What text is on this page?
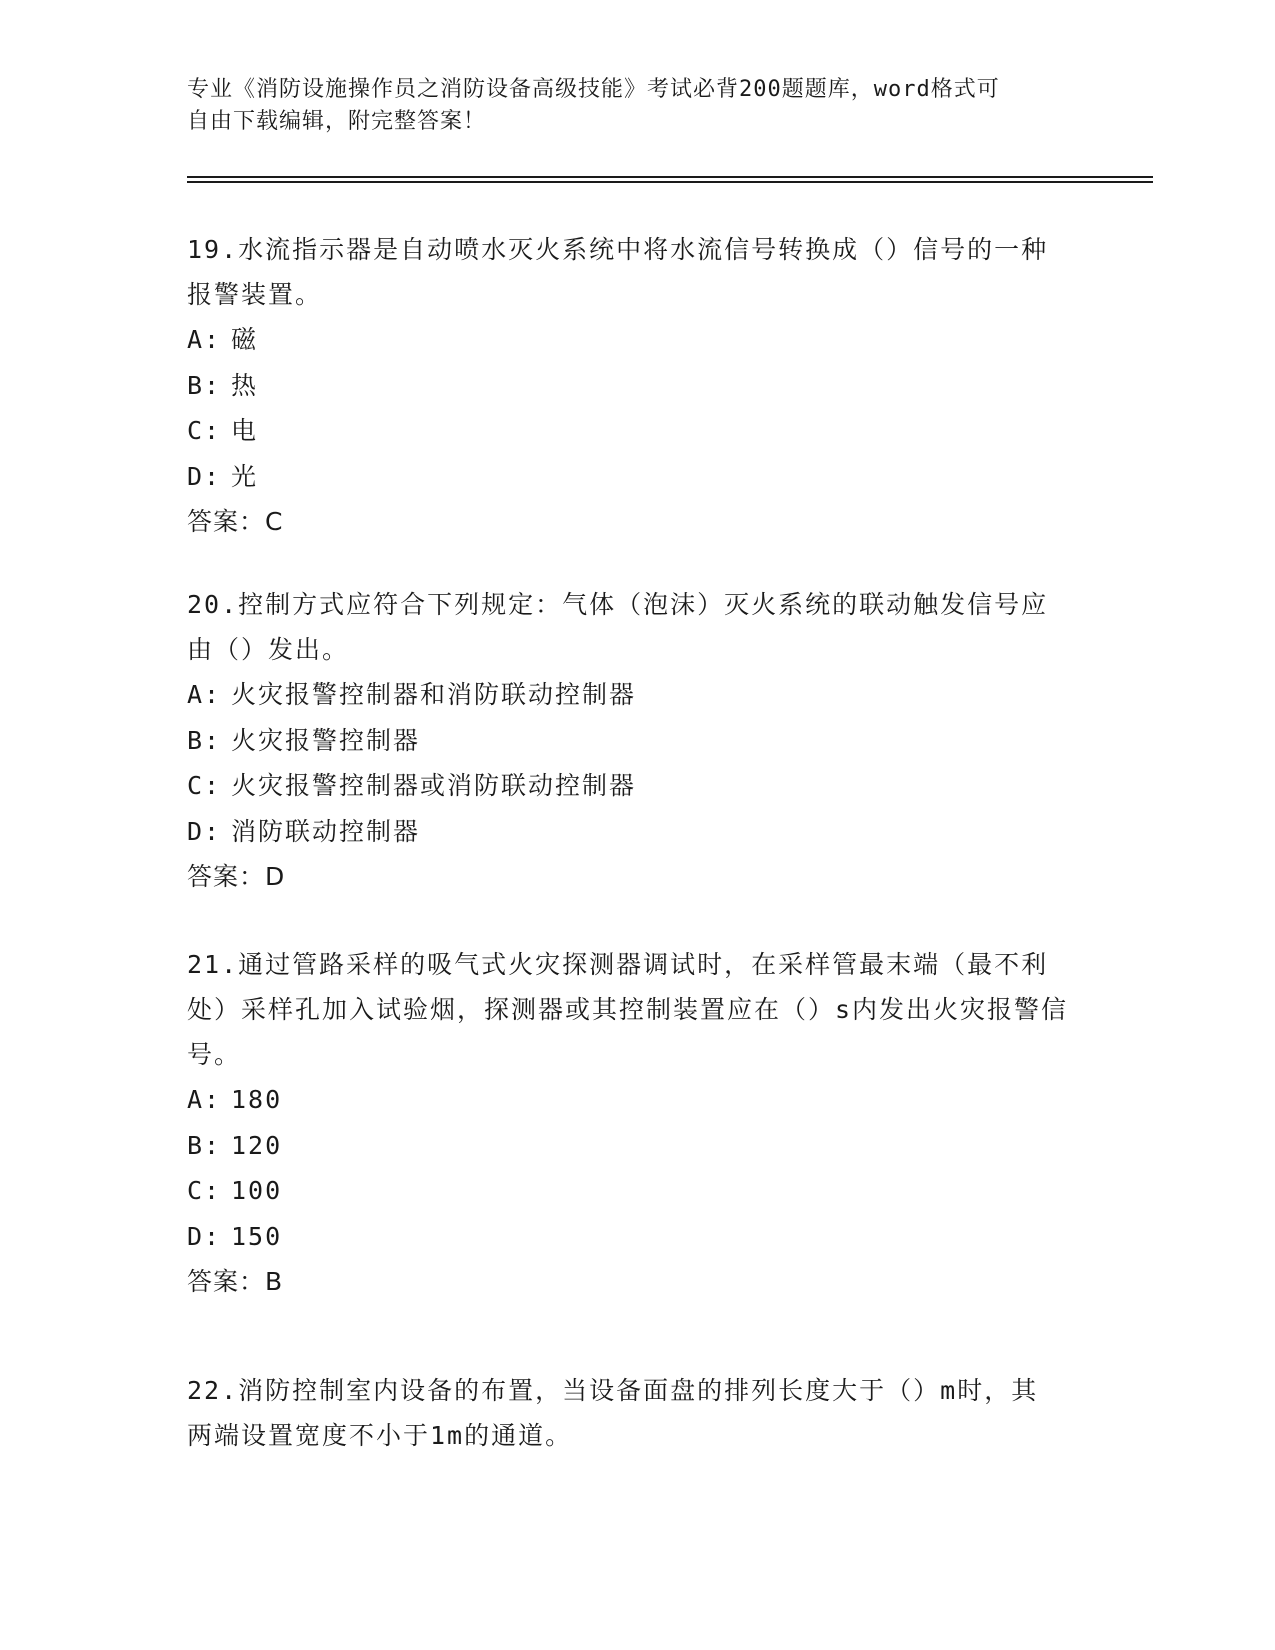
专业《消防设施操作员之消防设备高级技能》考试必背200题题库，word格式可
自由下载编辑，附完整答案！
19.水流指示器是自动喷水灭火系统中将水流信号转换成（）信号的一种报警装置。
A: 磁
B: 热
C: 电
D: 光
答案：C
20.控制方式应符合下列规定：气体（泡沫）灭火系统的联动触发信号应由（）发出。
A: 火灾报警控制器和消防联动控制器
B: 火灾报警控制器
C: 火灾报警控制器或消防联动控制器
D: 消防联动控制器
答案：D
21.通过管路采样的吸气式火灾探测器调试时，在采样管最末端（最不利处）采样孔加入试验烟，探测器或其控制装置应在（）s内发出火灾报警信号。
A: 180
B: 120
C: 100
D: 150
答案：B
22.消防控制室内设备的布置，当设备面盘的排列长度大于（）m时，其两端设置宽度不小于1m的通道。
